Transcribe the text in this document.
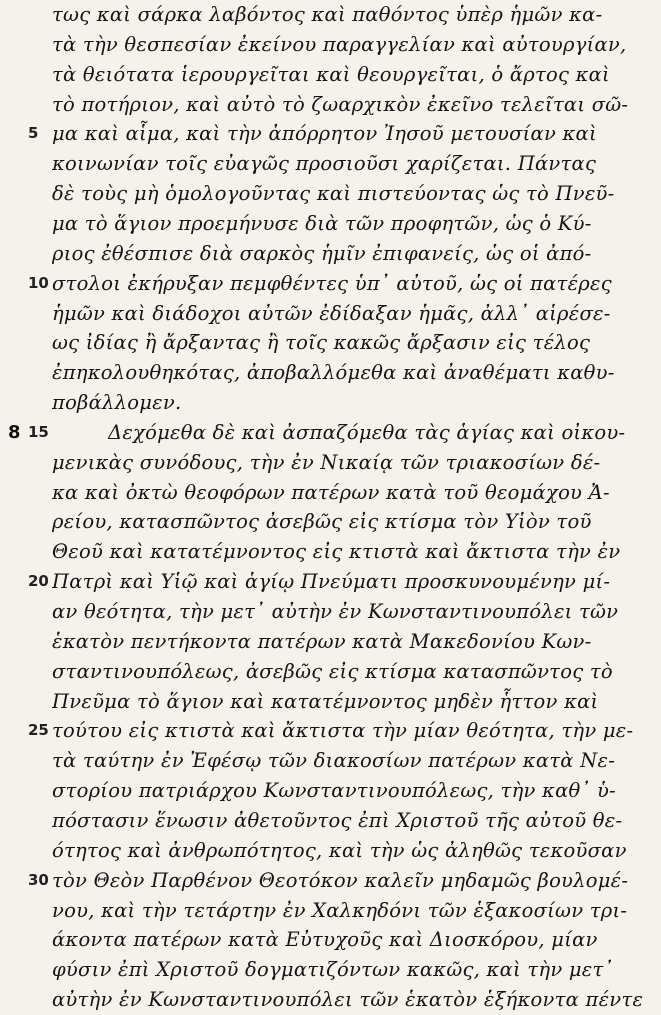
τως καὶ σάρκα λαβόντος καὶ παθόντος ὑπὲρ ἡμῶν κα-
τὰ τὴν θεσπεσίαν ἐκείνου παραγγελίαν καὶ αὐτουργίαν,
τὰ θειότατα ἱερουργεῖται καὶ θεουργεῖται, ὁ ἄρτος καὶ
τὸ ποτήριον, καὶ αὐτὸ τὸ ζωαρχικὸν ἐκεῖνο τελεῖται σῶ-
5 μα καὶ αἷμα, καὶ τὴν ἀπόρρητον Ἰησοῦ μετουσίαν καὶ
κοινωνίαν τοῖς εὐαγῶς προσιοῦσι χαρίζεται. Πάντας
δὲ τοὺς μὴ ὁμολογοῦντας καὶ πιστεύοντας ὡς τὸ Πνεῦ-
μα τὸ ἅγιον προεμήνυσε διὰ τῶν προφητῶν, ὡς ὁ Κύ-
ριος ἐθέσπισε διὰ σαρκὸς ἡμῖν ἐπιφανείς, ὡς οἱ ἀπό-
10 στολοι ἐκήρυξαν πεμφθέντες ὑπ᾽ αὐτοῦ, ὡς οἱ πατέρες
ἡμῶν καὶ διάδοχοι αὐτῶν ἐδίδαξαν ἡμᾶς, ἀλλ᾽ αἱρέσε-
ως ἰδίας ἢ ἄρξαντας ἢ τοῖς κακῶς ἄρξασιν εἰς τέλος
ἐπηκολουθηκότας, ἀποβαλλόμεθα καὶ ἀναθέματι καθυ-
ποβάλλομεν.
8 15	Δεχόμεθα δὲ καὶ ἀσπαζόμεθα τὰς ἁγίας καὶ οἰκου-
μενικὰς συνόδους, τὴν ἐν Νικαίᾳ τῶν τριακοσίων δέ-
κα καὶ ὀκτὼ θεοφόρων πατέρων κατὰ τοῦ θεομάχου Ἀ-
ρείου, κατασπῶντος ἀσεβῶς εἰς κτίσμα τὸν Υἱὸν τοῦ
Θεοῦ καὶ κατατέμνοντος εἰς κτιστὰ καὶ ἄκτιστα τὴν ἐν
20 Πατρὶ καὶ Υἱῷ καὶ ἁγίῳ Πνεύματι προσκυνουμένην μί-
αν θεότητα, τὴν μετ᾽ αὐτὴν ἐν Κωνσταντινουπόλει τῶν
ἑκατὸν πεντήκοντα πατέρων κατὰ Μακεδονίου Κων-
σταντινουπόλεως, ἀσεβῶς εἰς κτίσμα κατασπῶντος τὸ
Πνεῦμα τὸ ἅγιον καὶ κατατέμνοντος μηδὲν ἧττον καὶ
25 τούτου εἰς κτιστὰ καὶ ἄκτιστα τὴν μίαν θεότητα, τὴν με-
τὰ ταύτην ἐν Ἐφέσῳ τῶν διακοσίων πατέρων κατὰ Νε-
στορίου πατριάρχου Κωνσταντινουπόλεως, τὴν καθ᾽ ὑ-
πόστασιν ἕνωσιν ἀθετοῦντος ἐπὶ Χριστοῦ τῆς αὐτοῦ θε-
ότητος καὶ ἀνθρωπότητος, καὶ τὴν ὡς ἀληθῶς τεκοῦσαν
30 τὸν Θεὸν Παρθένον Θεοτόκον καλεῖν μηδαμῶς βουλομέ-
νου, καὶ τὴν τετάρτην ἐν Χαλκηδόνι τῶν ἑξακοσίων τρι-
άκοντα πατέρων κατὰ Εὐτυχοῦς καὶ Διοσκόρου, μίαν
φύσιν ἐπὶ Χριστοῦ δογματιζόντων κακῶς, καὶ τὴν μετ᾽
αὐτὴν ἐν Κωνσταντινουπόλει τῶν ἑκατὸν ἑξήκοντα πέντε
